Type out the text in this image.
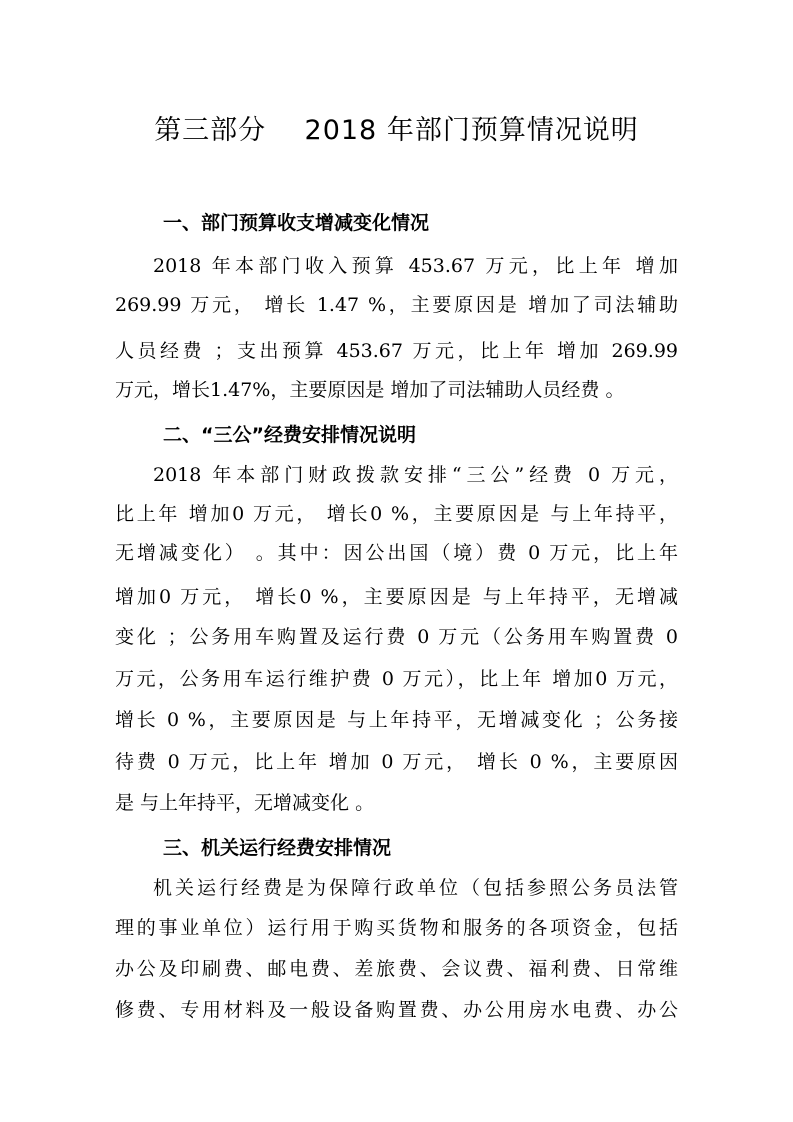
第三部分    2018 年部门预算情况说明
一、部门预算收支增减变化情况
2018 年本部门收入预算 453.67 万元，比上年 增加
269.99 万元， 增长 1.47 %，主要原因是 增加了司法辅助
人员经费 ；支出预算 453.67 万元，比上年 增加 269.99
万元，增长1.47%，主要原因是 增加了司法辅助人员经费 。
二、“三公”经费安排情况说明
2018 年本部门财政拨款安排“三公”经费 0 万元，
比上年 增加0 万元， 增长0 %，主要原因是 与上年持平，
无增减变化） 。其中：因公出国（境）费 0 万元，比上年
增加0 万元， 增长0 %，主要原因是 与上年持平，无增减
变化 ；公务用车购置及运行费 0 万元（公务用车购置费 0
万元，公务用车运行维护费 0 万元），比上年 增加0 万元，
增长 0 %，主要原因是 与上年持平，无增减变化 ；公务接
待费 0 万元，比上年 增加 0 万元， 增长 0 %，主要原因
是 与上年持平，无增减变化 。
三、机关运行经费安排情况
机关运行经费是为保障行政单位（包括参照公务员法管
理的事业单位）运行用于购买货物和服务的各项资金，包括
办公及印刷费、邮电费、差旅费、会议费、福利费、日常维
修费、专用材料及一般设备购置费、办公用房水电费、办公
